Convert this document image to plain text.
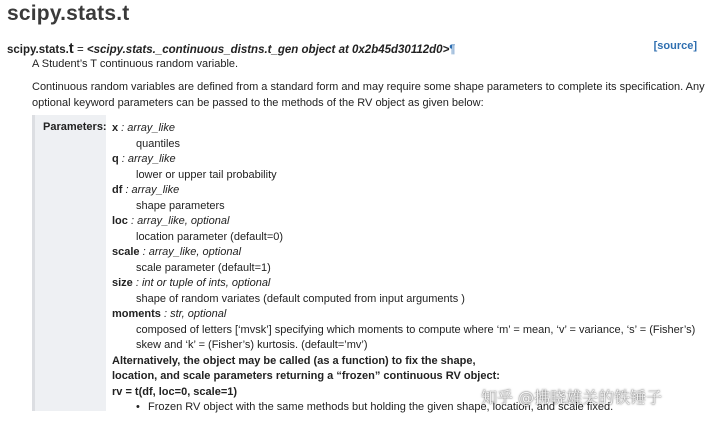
scipy.stats.t
scipy.stats.t = <scipy.stats._continuous_distns.t_gen object at 0x2b45d30112d0>¶	[source]
A Student’s T continuous random variable.
Continuous random variables are defined from a standard form and may require some shape parameters to complete its specification. Any
optional keyword parameters can be passed to the methods of the RV object as given below:
Parameters: x : array_like
quantiles
q : array_like
lower or upper tail probability
df : array_like
shape parameters
loc : array_like, optional
location parameter (default=0)
scale : array_like, optional
scale parameter (default=1)
size : int or tuple of ints, optional
shape of random variates (default computed from input arguments )
moments : str, optional
composed of letters [‘mvsk’] specifying which moments to compute where ‘m’ = mean, ‘v’ = variance, ‘s’ = (Fisher’s)
skew and ‘k’ = (Fisher’s) kurtosis. (default=’mv’)
Alternatively, the object may be called (as a function) to fix the shape,
location, and scale parameters returning a “frozen” continuous RV object:
rv = t(df, loc=0, scale=1)
• Frozen RV object with the same methods but holding the given shape, location, and scale fixed.
知乎 @拂晓雄关的铁锤子
